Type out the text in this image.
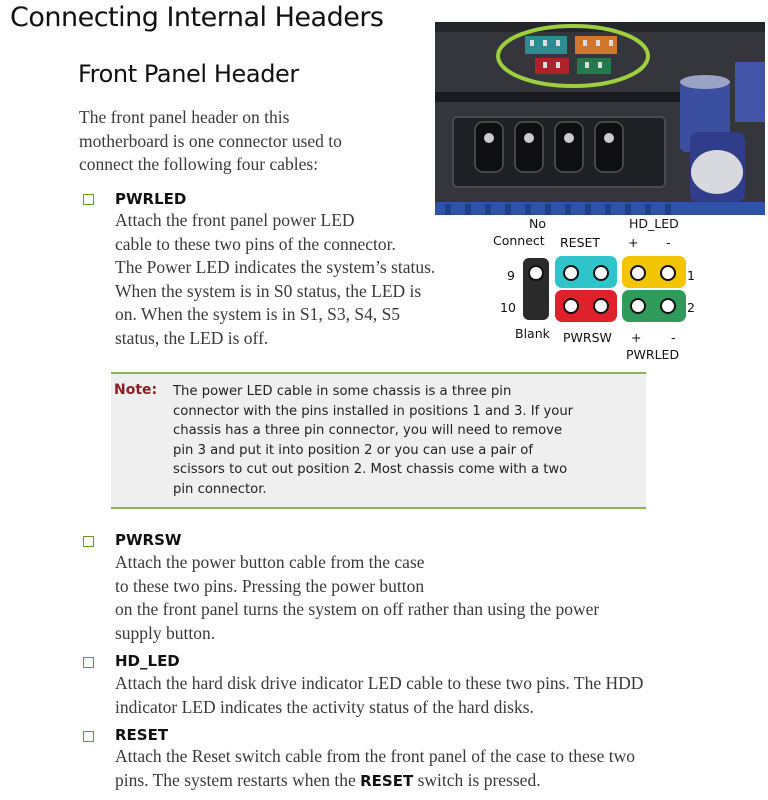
Connecting Internal Headers
Front Panel Header
The front panel header on this
motherboard is one connector used to
connect the following four cables:
PWRLED
Attach the front panel power LED
cable to these two pins of the connector.
The Power LED indicates the system’s status.
When the system is in S0 status, the LED is
on. When the system is in S1, S3, S4, S5
status, the LED is off.
No
Connect RESET
HD_LED
+ -
9
10
1
2
Blank PWRSW + -
PWRLED
Note: The power LED cable in some chassis is a three pin
connector with the pins installed in positions 1 and 3. If your
chassis has a three pin connector, you will need to remove
pin 3 and put it into position 2 or you can use a pair of
scissors to cut out position 2. Most chassis come with a two
pin connector.
PWRSW
Attach the power button cable from the case
to these two pins. Pressing the power button
on the front panel turns the system on off rather than using the power
supply button.
HD_LED
Attach the hard disk drive indicator LED cable to these two pins. The HDD
indicator LED indicates the activity status of the hard disks.
RESET
Attach the Reset switch cable from the front panel of the case to these two
pins. The system restarts when the RESET switch is pressed.
